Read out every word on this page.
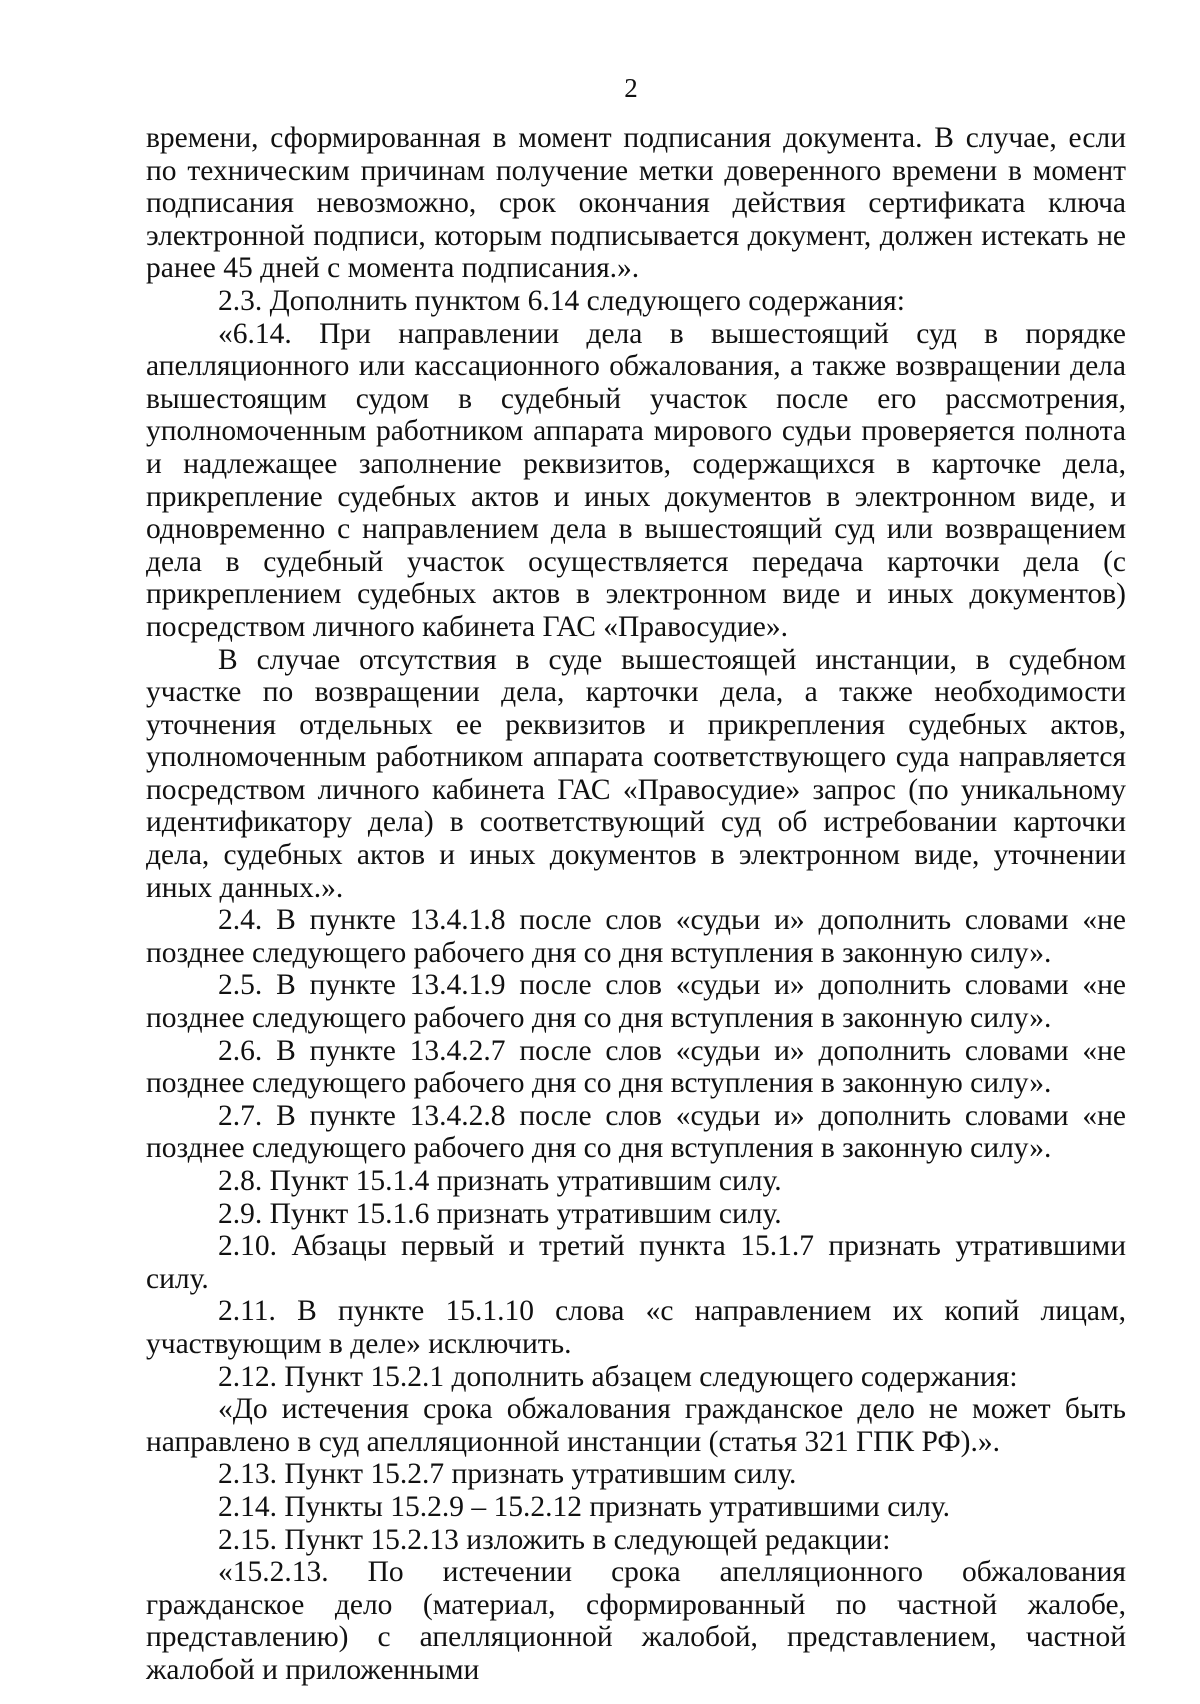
2

времени, сформированная в момент подписания документа. В случае, если по техническим причинам получение метки доверенного времени в момент подписания невозможно, срок окончания действия сертификата ключа электронной подписи, которым подписывается документ, должен истекать не ранее 45 дней с момента подписания.».

2.3. Дополнить пунктом 6.14 следующего содержания:

«6.14. При направлении дела в вышестоящий суд в порядке апелляционного или кассационного обжалования, а также возвращении дела вышестоящим судом в судебный участок после его рассмотрения, уполномоченным работником аппарата мирового судьи проверяется полнота и надлежащее заполнение реквизитов, содержащихся в карточке дела, прикрепление судебных актов и иных документов в электронном виде, и одновременно с направлением дела в вышестоящий суд или возвращением дела в судебный участок осуществляется передача карточки дела (с прикреплением судебных актов в электронном виде и иных документов) посредством личного кабинета ГАС «Правосудие».

В случае отсутствия в суде вышестоящей инстанции, в судебном участке по возвращении дела, карточки дела, а также необходимости уточнения отдельных ее реквизитов и прикрепления судебных актов, уполномоченным работником аппарата соответствующего суда направляется посредством личного кабинета ГАС «Правосудие» запрос (по уникальному идентификатору дела) в соответствующий суд об истребовании карточки дела, судебных актов и иных документов в электронном виде, уточнении иных данных.».

2.4. В пункте 13.4.1.8 после слов «судьи и» дополнить словами «не позднее следующего рабочего дня со дня вступления в законную силу».

2.5. В пункте 13.4.1.9 после слов «судьи и» дополнить словами «не позднее следующего рабочего дня со дня вступления в законную силу».

2.6. В пункте 13.4.2.7 после слов «судьи и» дополнить словами «не позднее следующего рабочего дня со дня вступления в законную силу».

2.7. В пункте 13.4.2.8 после слов «судьи и» дополнить словами «не позднее следующего рабочего дня со дня вступления в законную силу».

2.8. Пункт 15.1.4 признать утратившим силу.

2.9. Пункт 15.1.6 признать утратившим силу.

2.10. Абзацы первый и третий пункта 15.1.7 признать утратившими силу.

2.11. В пункте 15.1.10 слова «с направлением их копий лицам, участвующим в деле» исключить.

2.12. Пункт 15.2.1 дополнить абзацем следующего содержания:

«До истечения срока обжалования гражданское дело не может быть направлено в суд апелляционной инстанции (статья 321 ГПК РФ).».

2.13. Пункт 15.2.7 признать утратившим силу.

2.14. Пункты 15.2.9 – 15.2.12 признать утратившими силу.

2.15. Пункт 15.2.13 изложить в следующей редакции:

«15.2.13. По истечении срока апелляционного обжалования гражданское дело (материал, сформированный по частной жалобе, представлению) с апелляционной жалобой, представлением, частной жалобой и приложенными
